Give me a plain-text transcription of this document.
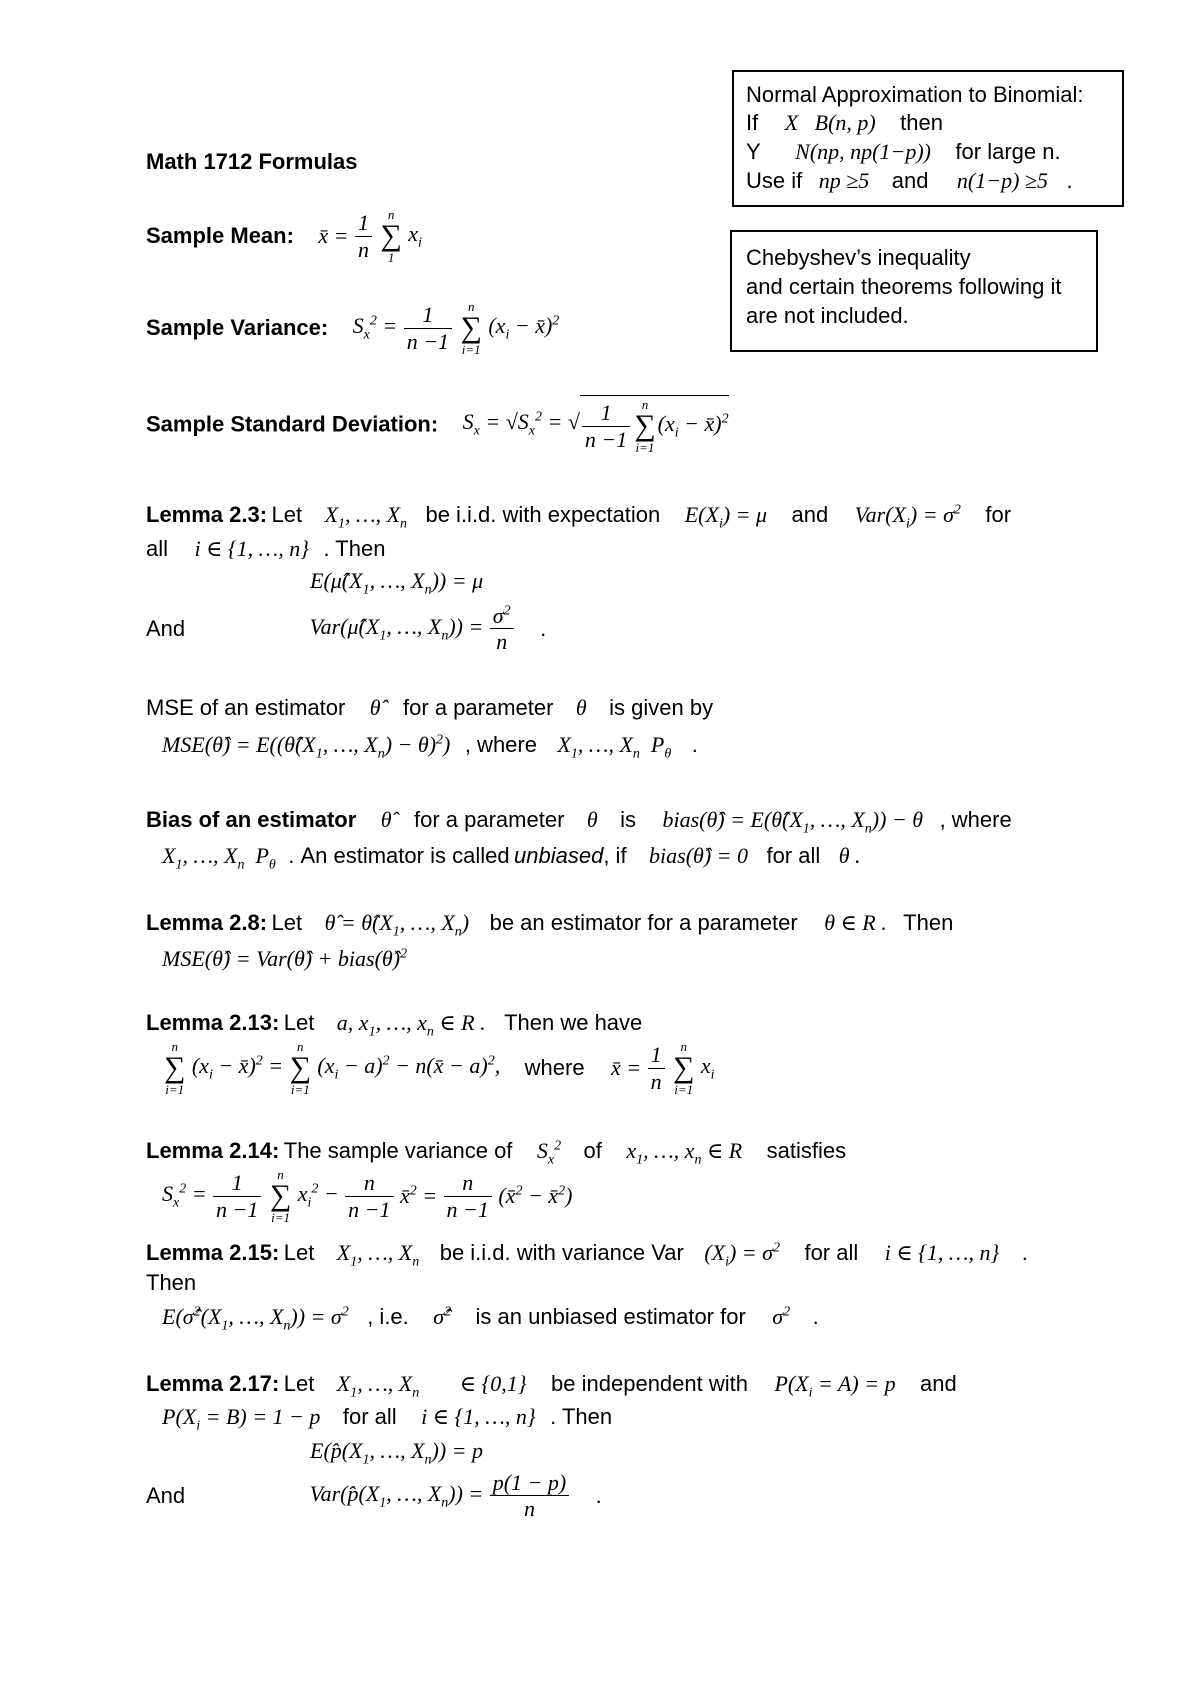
Normal Approximation to Binomial:
If X   B(n, p) then
Y N(np, np(1−p)) for large n.
Use if np ≥5 and n(1−p) ≥5 .
Chebyshev’s inequality
and certain theorems following it
are not included.
Math 1712 Formulas
Sample Mean: x̄ = $\frac{1}{n}$
	n
∑
1
$x_i$
Sample Variance: $S_x^2 = \frac{1}{n -1}$
	n
∑
i=1
($x_i$ − x̄)$^2$
Sample Standard Deviation: $S_x = √S_x^2$ = √ $\frac{1}{n -1}$ n
∑
i=1
($x_i$ − x̄)$^2$
Lemma 2.3: Let $X_1$, …, $X_n$ be i.i.d. with expectation $E(X_i) = \mu$ and $Var(X_i) = \sigma^2$ for
all i ∈ {1, …, n} . Then
$E(\mû(X_1$, …, $X_n)) = \mu$
And	$Var(\mû(X_1$, …, $X_n)) = \frac{\sigma^2}{n}$ .
MSE of an estimator θ̂ for a parameter θ is given by
MSE(θ̂) = $E((\thetâ(X_1$, …, $X_n) - \theta)^2$) , where $X_1$, …, $X_n$  $P_\theta$ .
Bias of an estimator θ̂ for a parameter θ is bias(θ̂) = $E(\thetâ(X_1$, …, $X_n)) - \theta$ , where
$X_1$, …, $X_n$  $P_\theta$ . An estimator is called unbiased, if bias(θ̂) = 0 for all θ .
Lemma 2.8: Let θ̂ = $\thetâ(X_1$, …, $X_n$) be an estimator for a parameter θ ∈ R . Then
MSE(θ̂) = Var(θ̂) + bias(θ̂)$^2$
Lemma 2.13: Let a, $x_1$, …, $x_n$ ∈ R . Then we have
n
∑
i=1
($x_i$ − x̄)$^2$ =
n
∑
i=1
$(x_i - a)^2$ − n(x̄ − a)$^2$, where x̄ = $\frac{1}{n}$
	n
∑
i=1
$x_i$
Lemma 2.14: The sample variance of $S_x^2$ of $x_1$, …, $x_n$ ∈ R satisfies
$S_x^2 = \frac{1}{n -1}$
	n
∑
i=1
$x_i^2 - \frac{n}{n -1}$ x̄$^2$ = $\frac{n}{n -1}$ (x̄$^2$ − x̄$^2$)
Lemma 2.15: Let $X_1$, …, $X_n$ be i.i.d. with variance Var $(X_i) = \sigma^2$ for all i ∈ {1, …, n} .
Then
$E(\sigmâ^2(X_1$, …, $X_n)) = \sigma^2$ , i.e. σ̂$^2$ is an unbiased estimator for $\sigma^2$ .
Lemma 2.17: Let $X_1$, …, $X_n$ ∈ {0,1} be independent with $P(X_i = A) = p$ and
$P(X_i = B) = 1 - p$ for all i ∈ {1, …, n} . Then
$E(p̂(X_1$, …, $X_n)) = p$
And	$Var(p̂(X_1$, …, $X_n)) = \frac{p(1 - p)}{n}$ .
